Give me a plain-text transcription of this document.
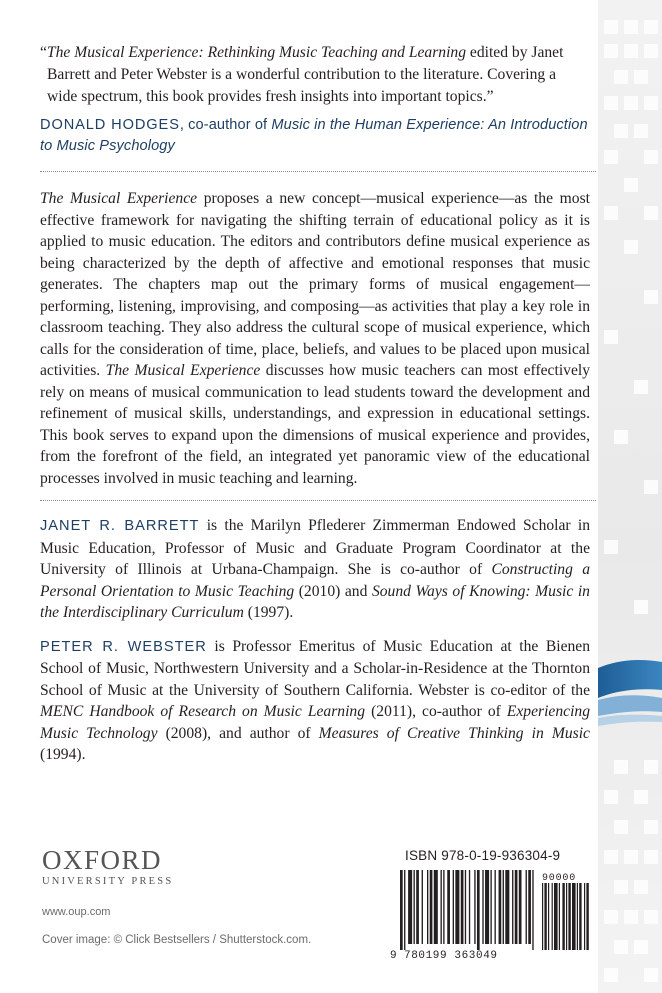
“The Musical Experience: Rethinking Music Teaching and Learning edited by Janet Barrett and Peter Webster is a wonderful contribution to the literature. Covering a wide spectrum, this book provides fresh insights into important topics.”

DONALD HODGES, co-author of Music in the Human Experience: An Introduction to Music Psychology

The Musical Experience proposes a new concept—musical experience—as the most effective framework for navigating the shifting terrain of educational policy as it is applied to music education. The editors and contributors define musical experience as being characterized by the depth of affective and emotional responses that music generates. The chapters map out the primary forms of musical engagement—performing, listening, improvising, and composing—as activities that play a key role in classroom teaching. They also address the cultural scope of musical experience, which calls for the consideration of time, place, beliefs, and values to be placed upon musical activities. The Musical Experience discusses how music teachers can most effectively rely on means of musical communication to lead students toward the development and refinement of musical skills, understandings, and expression in educational settings. This book serves to expand upon the dimensions of musical experience and provides, from the forefront of the field, an integrated yet panoramic view of the educational processes involved in music teaching and learning.

JANET R. BARRETT is the Marilyn Pflederer Zimmerman Endowed Scholar in Music Education, Professor of Music and Graduate Program Coordinator at the University of Illinois at Urbana-Champaign. She is co-author of Constructing a Personal Orientation to Music Teaching (2010) and Sound Ways of Knowing: Music in the Interdisciplinary Curriculum (1997).

PETER R. WEBSTER is Professor Emeritus of Music Education at the Bienen School of Music, Northwestern University and a Scholar-in-Residence at the Thornton School of Music at the University of Southern California. Webster is co-editor of the MENC Handbook of Research on Music Learning (2011), co-author of Experiencing Music Technology (2008), and author of Measures of Creative Thinking in Music (1994).

OXFORD
UNIVERSITY PRESS
www.oup.com
Cover image: © Click Bestsellers / Shutterstock.com.
ISBN 978-0-19-936304-9
9 780199 363049
90000
